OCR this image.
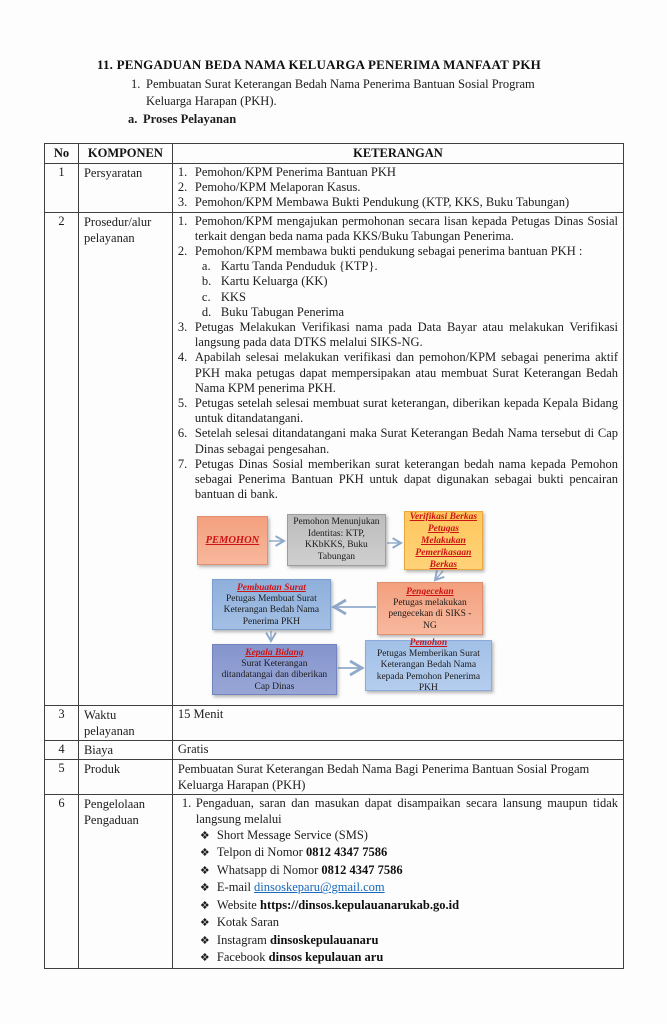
11. PENGADUAN BEDA NAMA KELUARGA PENERIMA MANFAAT PKH
1. Pembuatan Surat Keterangan Bedah Nama Penerima Bantuan Sosial Program Keluarga Harapan (PKH).
a. Proses Pelayanan
No	KOMPONEN	KETERANGAN
1	Persyaratan	1. Pemohon/KPM Penerima Bantuan PKH
2. Pemoho/KPM Melaporan Kasus.
3. Pemohon/KPM Membawa Bukti Pendukung (KTP, KKS, Buku Tabungan)

2	Prosedur/alur pelayanan	
1. Pemohon/KPM mengajukan permohonan secara lisan kepada Petugas Dinas Sosial terkait dengan beda nama pada KKS/Buku Tabungan Penerima.
2. Pemohon/KPM membawa bukti pendukung sebagai penerima bantuan PKH :
a. Kartu Tanda Penduduk {KTP}.
b. Kartu Keluarga (KK)
c. KKS
d. Buku Tabugan Penerima
3. Petugas Melakukan Verifikasi nama pada Data Bayar atau melakukan Verifikasi langsung pada data DTKS melalui SIKS-NG.
4. Apabilah selesai melakukan verifikasi dan pemohon/KPM sebagai penerima aktif PKH maka petugas dapat mempersipakan atau membuat Surat Keterangan Bedah Nama KPM penerima PKH.
5. Petugas setelah selesai membuat surat keterangan, diberikan kepada Kepala Bidang untuk ditandatangani.
6. Setelah selesai ditandatangani maka Surat Keterangan Bedah Nama tersebut di Cap Dinas sebagai pengesahan.
7. Petugas Dinas Sosial memberikan surat keterangan bedah nama kepada Pemohon sebagai Penerima Bantuan PKH untuk dapat digunakan sebagai bukti pencairan bantuan di bank.
PEMOHON
Pemohon Menunjukan Identitas: KTP, KKbKKS, Buku Tabungan
Verifikasi Berkas Petugas Melakukan Pemerikasaan Berkas
Pembuatan Surat
Petugas Membuat Surat Keterangan Bedah Nama Penerima PKH
Pengecekan
Petugas melakukan pengecekan di SIKS - NG
Kepala Bidang
Surat Keterangan ditandatangai dan diberikan Cap Dinas
Pemohon
Petugas Memberikan Surat Keterangan Bedah Nama kepada Pemohon Penerima PKH

3	Waktu pelayanan	15 Menit
4	Biaya	Gratis
5	Produk	Pembuatan Surat Keterangan Bedah Nama Bagi Penerima Bantuan Sosial Progam Keluarga Harapan (PKH)
6	Pengelolaan Pengaduan	
1. Pengaduan, saran dan masukan dapat disampaikan secara lansung maupun tidak langsung melalui
❖ Short Message Service (SMS)
❖ Telpon di Nomor 0812 4347 7586
❖ Whatsapp di Nomor 0812 4347 7586
❖ E-mail dinsoskeparu@gmail.com
❖ Website https://dinsos.kepulauanarukab.go.id
❖ Kotak Saran
❖ Instagram dinsoskepulauanaru
❖ Facebook dinsos kepulauan aru
